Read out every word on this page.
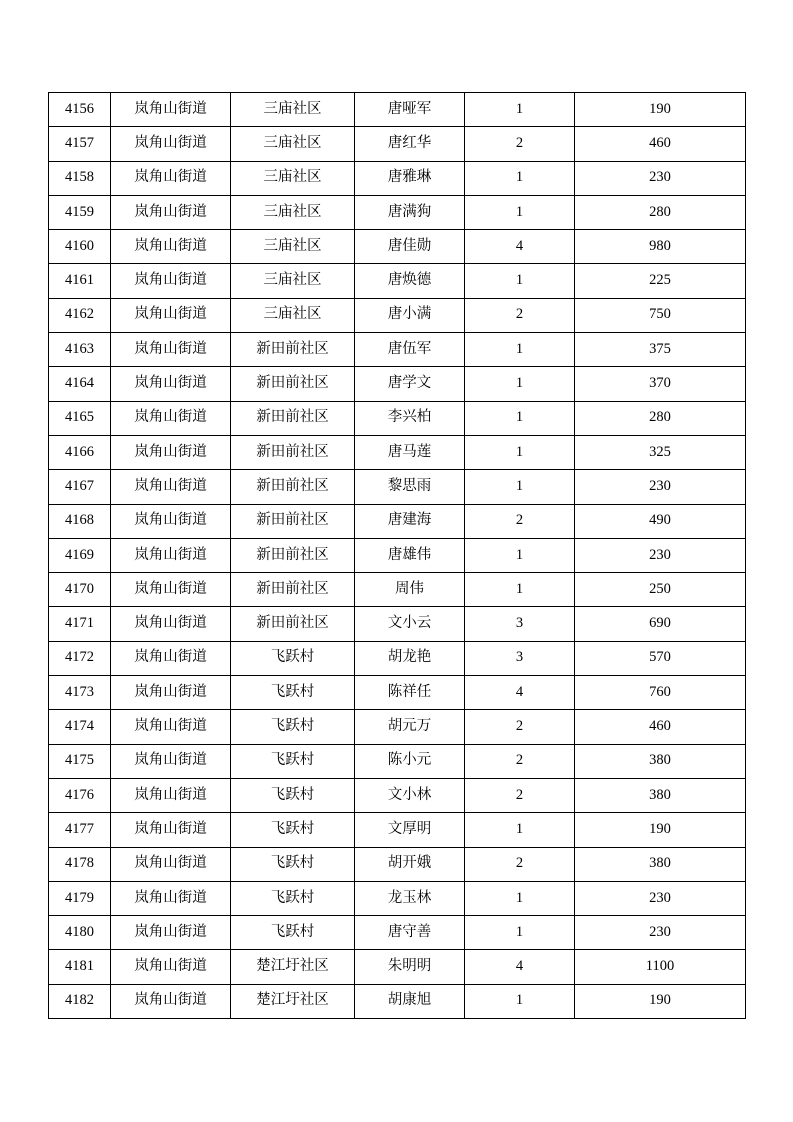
4156	岚角山街道	三庙社区	唐哑军	1	190
4157	岚角山街道	三庙社区	唐红华	2	460
4158	岚角山街道	三庙社区	唐雅琳	1	230
4159	岚角山街道	三庙社区	唐满狗	1	280
4160	岚角山街道	三庙社区	唐佳勋	4	980
4161	岚角山街道	三庙社区	唐焕德	1	225
4162	岚角山街道	三庙社区	唐小满	2	750
4163	岚角山街道	新田前社区	唐伍军	1	375
4164	岚角山街道	新田前社区	唐学文	1	370
4165	岚角山街道	新田前社区	李兴柏	1	280
4166	岚角山街道	新田前社区	唐马莲	1	325
4167	岚角山街道	新田前社区	黎思雨	1	230
4168	岚角山街道	新田前社区	唐建海	2	490
4169	岚角山街道	新田前社区	唐雄伟	1	230
4170	岚角山街道	新田前社区	周伟	1	250
4171	岚角山街道	新田前社区	文小云	3	690
4172	岚角山街道	飞跃村	胡龙艳	3	570
4173	岚角山街道	飞跃村	陈祥任	4	760
4174	岚角山街道	飞跃村	胡元万	2	460
4175	岚角山街道	飞跃村	陈小元	2	380
4176	岚角山街道	飞跃村	文小林	2	380
4177	岚角山街道	飞跃村	文厚明	1	190
4178	岚角山街道	飞跃村	胡开娥	2	380
4179	岚角山街道	飞跃村	龙玉林	1	230
4180	岚角山街道	飞跃村	唐守善	1	230
4181	岚角山街道	楚江圩社区	朱明明	4	1100
4182	岚角山街道	楚江圩社区	胡康旭	1	190
